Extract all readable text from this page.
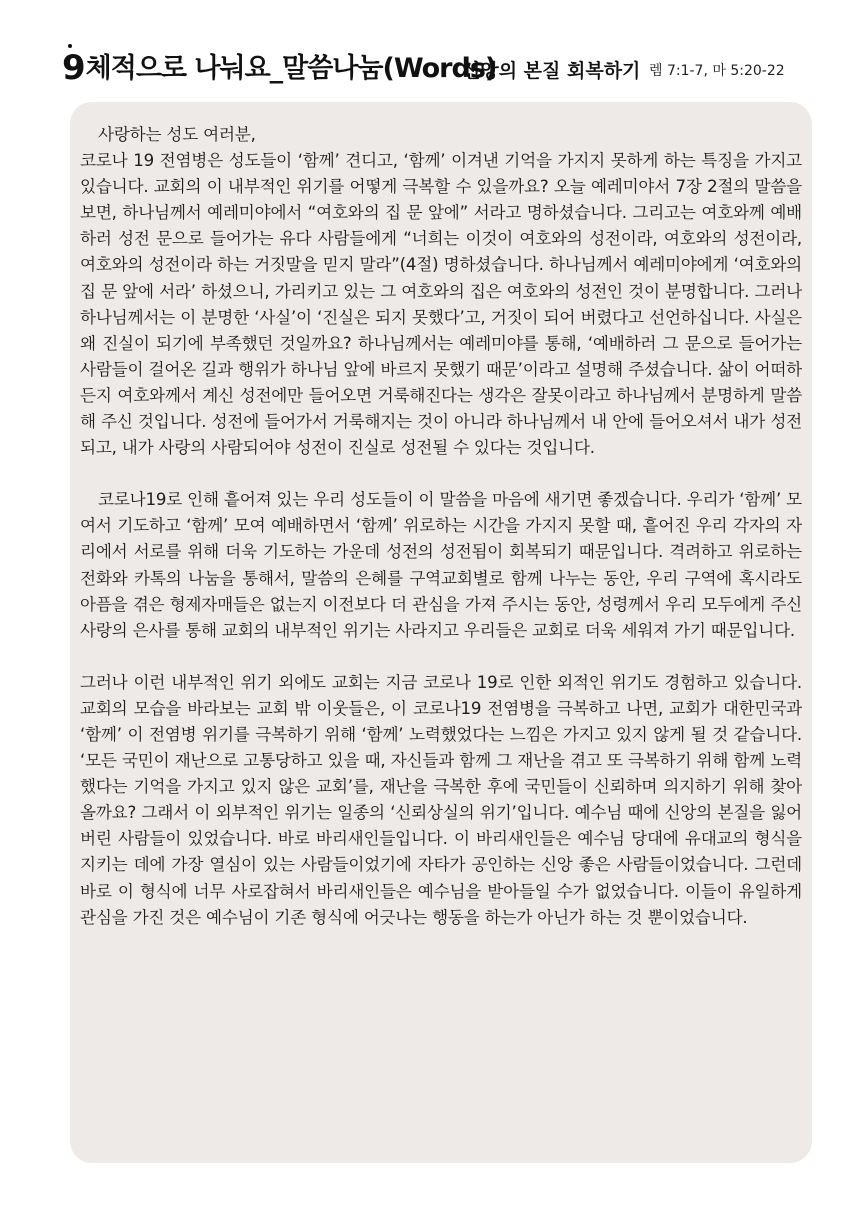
9체적으로 나눠요_말씀나눔(Words)
신앙의 본질 회복하기 렘 7:1-7, 마 5:20-22

사랑하는 성도 여러분,

코로나 19 전염병은 성도들이 ‘함께’ 견디고, ‘함께’ 이겨낸 기억을 가지지 못하게 하는 특징을 가지고 있습니다. 교회의 이 내부적인 위기를 어떻게 극복할 수 있을까요? 오늘 예레미야서 7장 2절의 말씀을 보면, 하나님께서 예레미야에서 “여호와의 집 문 앞에” 서라고 명하셨습니다. 그리고는 여호와께 예배하러 성전 문으로 들어가는 유다 사람들에게 “너희는 이것이 여호와의 성전이라, 여호와의 성전이라, 여호와의 성전이라 하는 거짓말을 믿지 말라”(4절) 명하셨습니다. 하나님께서 예레미야에게 ‘여호와의 집 문 앞에 서라’ 하셨으니, 가리키고 있는 그 여호와의 집은 여호와의 성전인 것이 분명합니다. 그러나 하나님께서는 이 분명한 ‘사실’이 ‘진실은 되지 못했다’고, 거짓이 되어 버렸다고 선언하십니다. 사실은 왜 진실이 되기에 부족했던 것일까요? 하나님께서는 예레미야를 통해, ‘예배하러 그 문으로 들어가는 사람들이 걸어온 길과 행위가 하나님 앞에 바르지 못했기 때문’이라고 설명해 주셨습니다. 삶이 어떠하든지 여호와께서 계신 성전에만 들어오면 거룩해진다는 생각은 잘못이라고 하나님께서 분명하게 말씀해 주신 것입니다. 성전에 들어가서 거룩해지는 것이 아니라 하나님께서 내 안에 들어오셔서 내가 성전되고, 내가 사랑의 사람되어야 성전이 진실로 성전될 수 있다는 것입니다.

코로나19로 인해 흩어져 있는 우리 성도들이 이 말씀을 마음에 새기면 좋겠습니다. 우리가 ‘함께’ 모여서 기도하고 ‘함께’ 모여 예배하면서 ‘함께’ 위로하는 시간을 가지지 못할 때, 흩어진 우리 각자의 자리에서 서로를 위해 더욱 기도하는 가운데 성전의 성전됨이 회복되기 때문입니다. 격려하고 위로하는 전화와 카톡의 나눔을 통해서, 말씀의 은혜를 구역교회별로 함께 나누는 동안, 우리 구역에 혹시라도 아픔을 겪은 형제자매들은 없는지 이전보다 더 관심을 가져 주시는 동안, 성령께서 우리 모두에게 주신 사랑의 은사를 통해 교회의 내부적인 위기는 사라지고 우리들은 교회로 더욱 세워져 가기 때문입니다.

그러나 이런 내부적인 위기 외에도 교회는 지금 코로나 19로 인한 외적인 위기도 경험하고 있습니다. 교회의 모습을 바라보는 교회 밖 이웃들은, 이 코로나19 전염병을 극복하고 나면, 교회가 대한민국과 ‘함께’ 이 전염병 위기를 극복하기 위해 ‘함께’ 노력했었다는 느낌은 가지고 있지 않게 될 것 같습니다. ‘모든 국민이 재난으로 고통당하고 있을 때, 자신들과 함께 그 재난을 겪고 또 극복하기 위해 함께 노력했다는 기억을 가지고 있지 않은 교회’를, 재난을 극복한 후에 국민들이 신뢰하며 의지하기 위해 찾아올까요? 그래서 이 외부적인 위기는 일종의 ‘신뢰상실의 위기’입니다. 예수님 때에 신앙의 본질을 잃어버린 사람들이 있었습니다. 바로 바리새인들입니다. 이 바리새인들은 예수님 당대에 유대교의 형식을 지키는 데에 가장 열심이 있는 사람들이었기에 자타가 공인하는 신앙 좋은 사람들이었습니다. 그런데 바로 이 형식에 너무 사로잡혀서 바리새인들은 예수님을 받아들일 수가 없었습니다. 이들이 유일하게 관심을 가진 것은 예수님이 기존 형식에 어긋나는 행동을 하는가 아닌가 하는 것 뿐이었습니다.
